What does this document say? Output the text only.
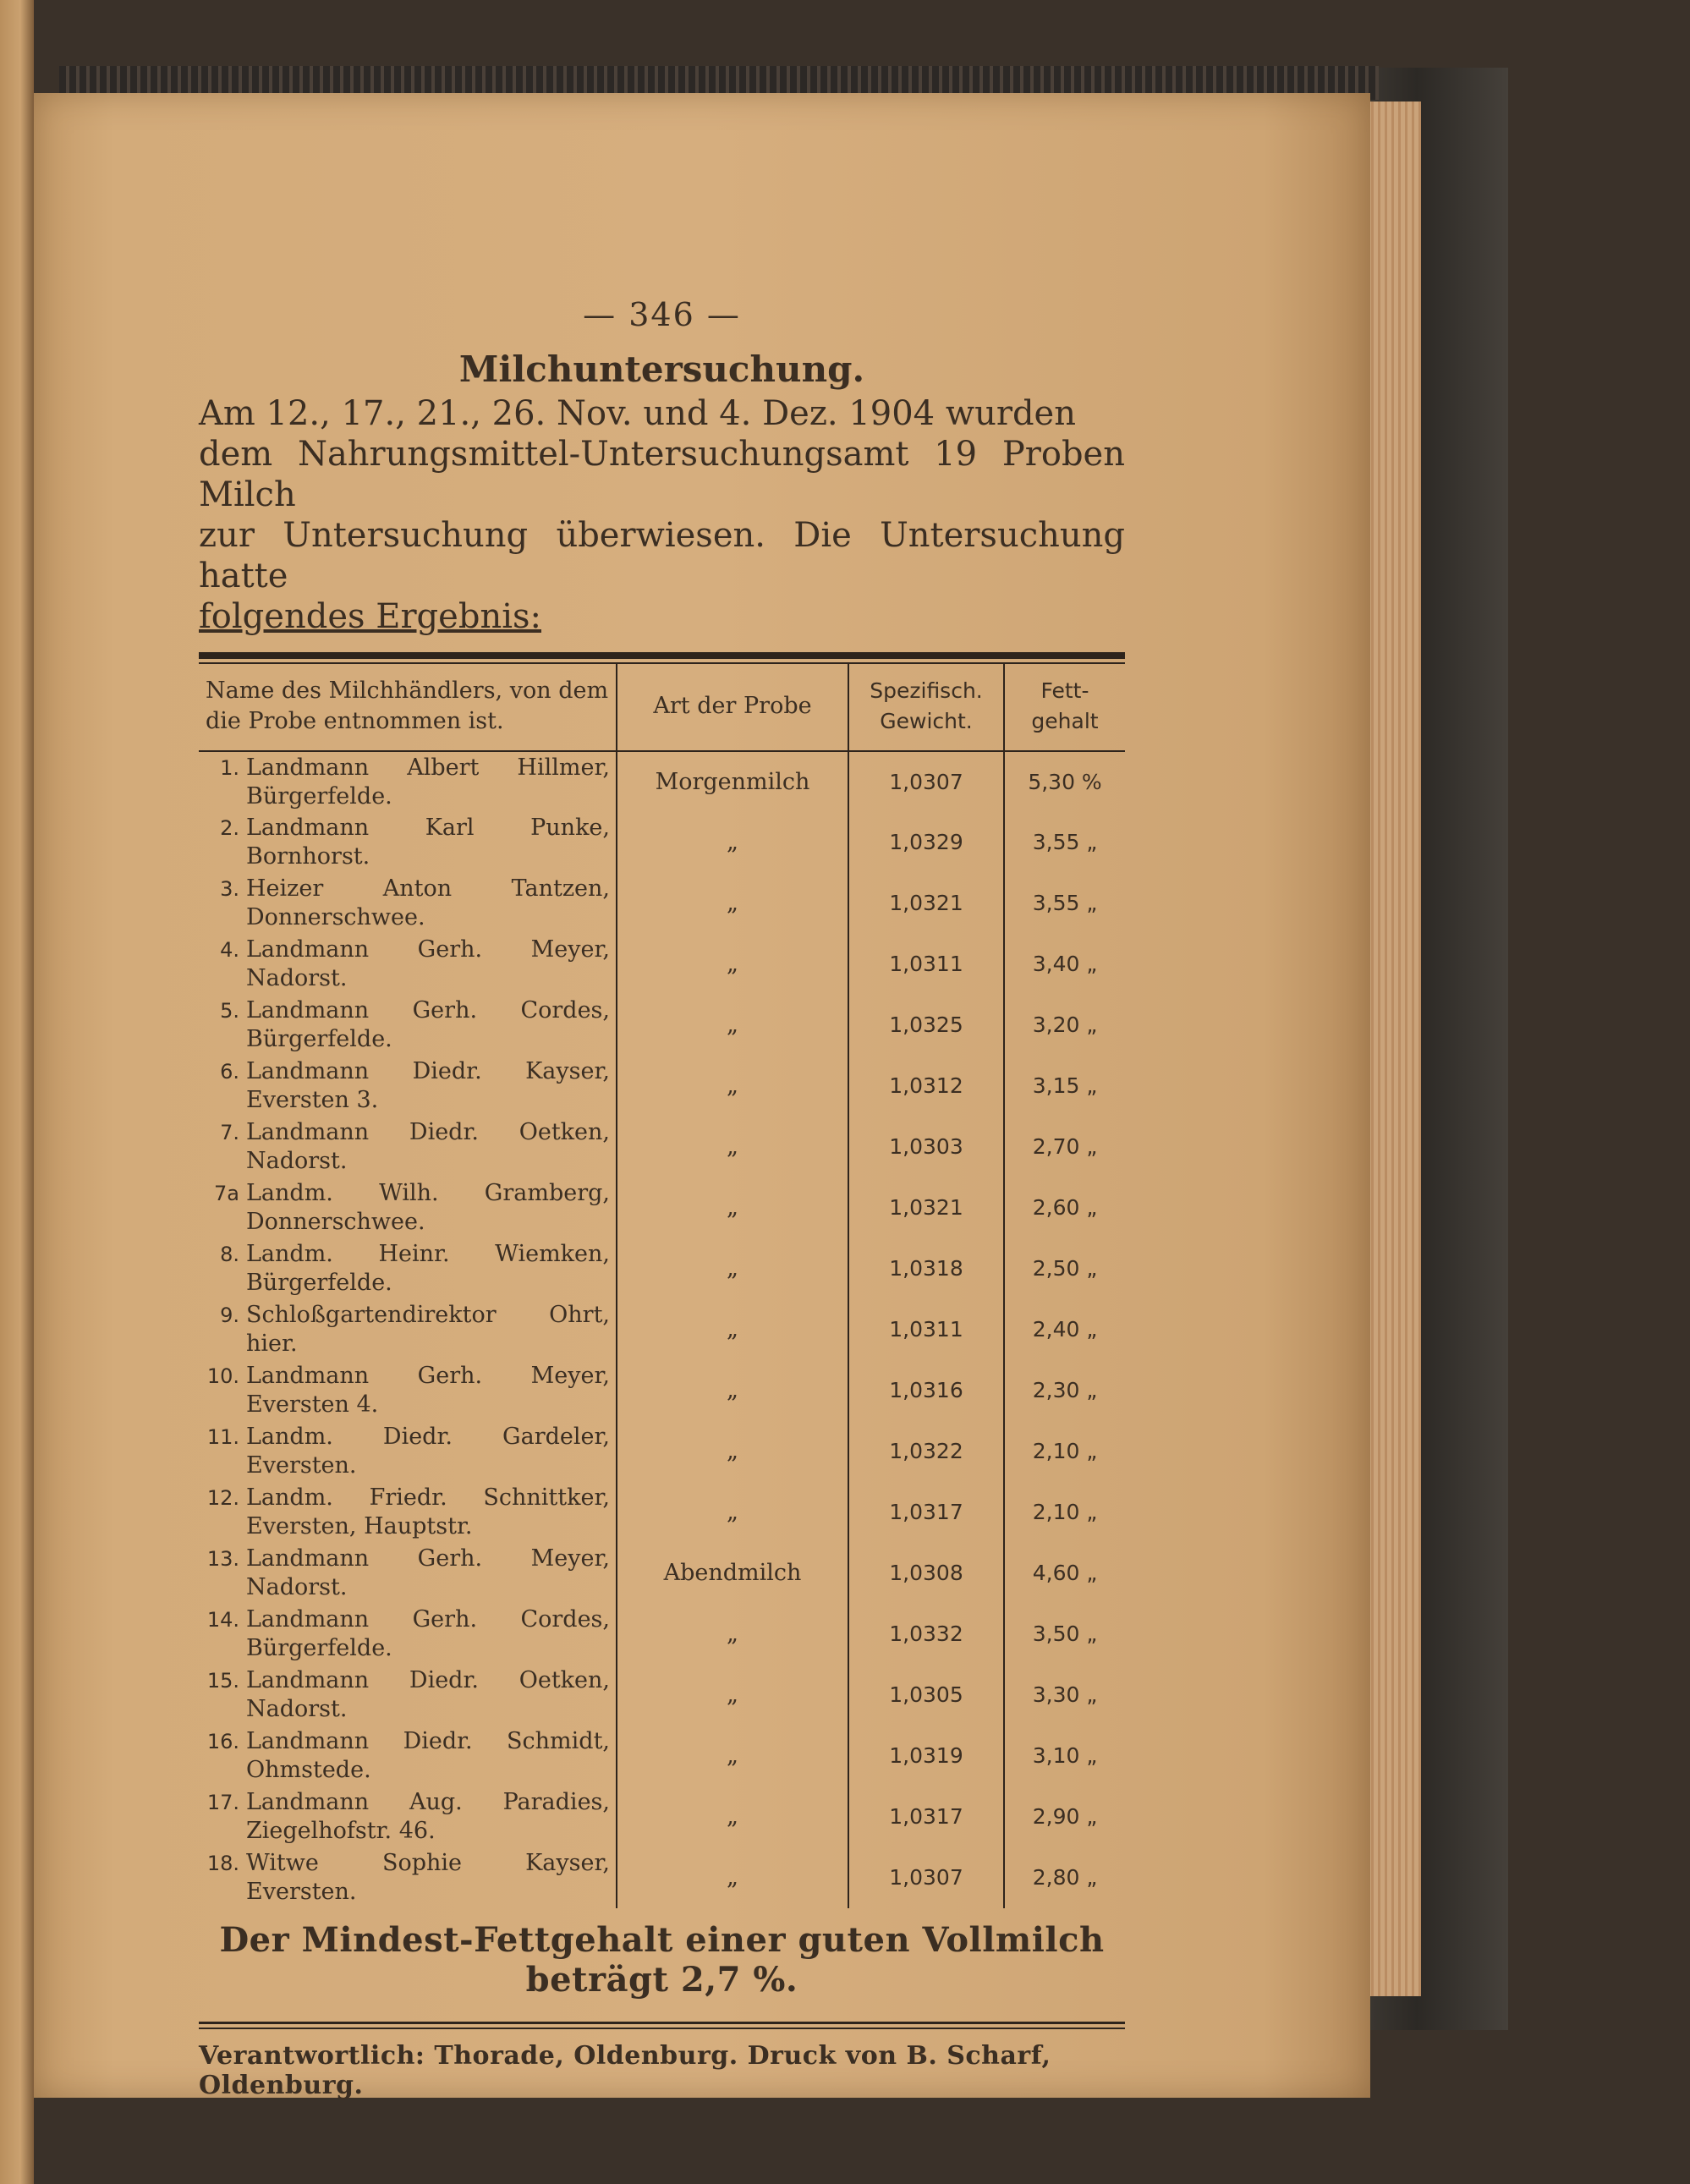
— 346 —
Milchuntersuchung.

Am 12., 17., 21., 26. Nov. und 4. Dez. 1904 wurden

dem Nahrungsmittel-Untersuchungsamt 19 Proben Milch

zur Untersuchung überwiesen. Die Untersuchung hatte

folgendes Ergebnis:

Name des Milchhändlers, von dem die Probe entnommen ist.	Art der Probe	Spezifisch. Gewicht.	Fett-gehalt
1. Landmann Albert Hillmer, Bürgerfelde.	Morgenmilch	1,0307	5,30 %
2. Landmann Karl Punke, Bornhorst.	„	1,0329	3,55 „
3. Heizer Anton Tantzen, Donnerschwee.	„	1,0321	3,55 „
4. Landmann Gerh. Meyer, Nadorst.	„	1,0311	3,40 „
5. Landmann Gerh. Cordes, Bürgerfelde.	„	1,0325	3,20 „
6. Landmann Diedr. Kayser, Eversten 3.	„	1,0312	3,15 „
7. Landmann Diedr. Oetken, Nadorst.	„	1,0303	2,70 „
7a Landm. Wilh. Gramberg, Donnerschwee.	„	1,0321	2,60 „
8. Landm. Heinr. Wiemken, Bürgerfelde.	„	1,0318	2,50 „
9. Schloßgartendirektor Ohrt, hier.	„	1,0311	2,40 „
10. Landmann Gerh. Meyer, Eversten 4.	„	1,0316	2,30 „
11. Landm. Diedr. Gardeler, Eversten.	„	1,0322	2,10 „
12. Landm. Friedr. Schnittker, Eversten, Hauptstr.	„	1,0317	2,10 „
13. Landmann Gerh. Meyer, Nadorst.	Abendmilch	1,0308	4,60 „
14. Landmann Gerh. Cordes, Bürgerfelde.	„	1,0332	3,50 „
15. Landmann Diedr. Oetken, Nadorst.	„	1,0305	3,30 „
16. Landmann Diedr. Schmidt, Ohmstede.	„	1,0319	3,10 „
17. Landmann Aug. Paradies, Ziegelhofstr. 46.	„	1,0317	2,90 „
18. Witwe Sophie Kayser, Eversten.	„	1,0307	2,80 „
Der Mindest-Fettgehalt einer guten Vollmilch beträgt 2,7 %.
Verantwortlich: Thorade, Oldenburg. Druck von B. Scharf, Oldenburg.
